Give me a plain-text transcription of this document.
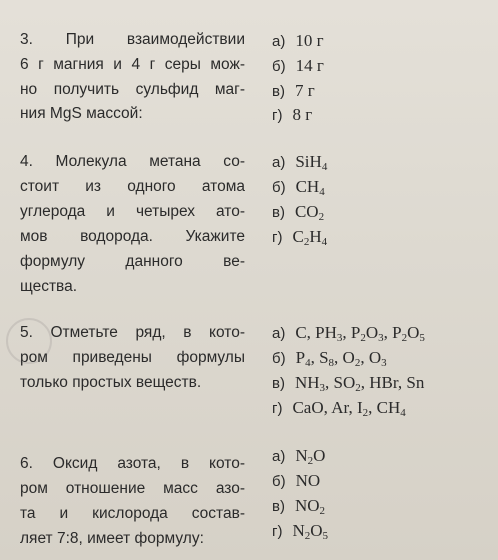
3. При взаимодействии

6 г магния и 4 г серы мож-

но получить сульфид маг-

ния MgS массой:

а) 10 г

б) 14 г

в) 7 г

г) 8 г

4. Молекула метана со-

стоит из одного атома

углерода и четырех ато-

мов водорода. Укажите

формулу данного ве-

щества.

а) SiH$_4$

б) $CH_4$

в) $CO_2$

г) $C_2H_4$

5. Отметьте ряд, в кото-

ром приведены формулы

только простых веществ.

а) C, $PH_3$, $P_2O_3$, $P_2O_5$

б) $P_4$, $S_8$, $O_2$, $O_3$

в) $NH_3$, $SO_2$, HBr, Sn

г) CaO, Ar, $I_2$, $CH_4$

6. Оксид азота, в кото-

ром отношение масс азо-

та и кислорода состав-

ляет 7:8, имеет формулу:

а) $N_2O$

б) NO

в) $NO_2$

г) $N_2O_5$
